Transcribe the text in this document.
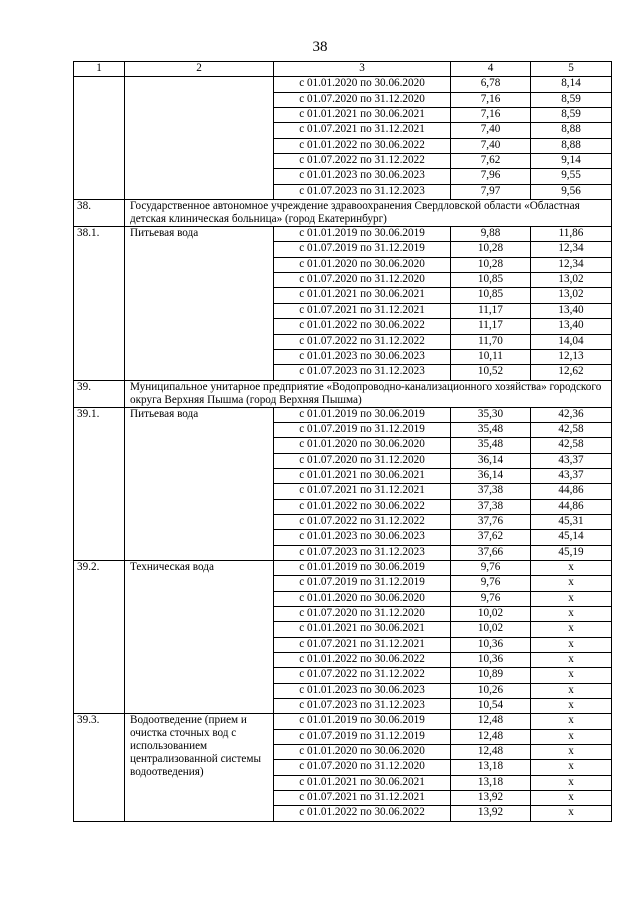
38
1	2	3	4	5
		с 01.01.2020 по 30.06.2020	6,78	8,14
		с 01.07.2020 по 31.12.2020	7,16	8,59
		с 01.01.2021 по 30.06.2021	7,16	8,59
		с 01.07.2021 по 31.12.2021	7,40	8,88
		с 01.01.2022 по 30.06.2022	7,40	8,88
		с 01.07.2022 по 31.12.2022	7,62	9,14
		с 01.01.2023 по 30.06.2023	7,96	9,55
		с 01.07.2023 по 31.12.2023	7,97	9,56
38.	Государственное автономное учреждение здравоохранения Свердловской области «Областная детская клиническая больница» (город Екатеринбург)			
38.1.	Питьевая вода	с 01.01.2019 по 30.06.2019	9,88	11,86
		с 01.07.2019 по 31.12.2019	10,28	12,34
		с 01.01.2020 по 30.06.2020	10,28	12,34
		с 01.07.2020 по 31.12.2020	10,85	13,02
		с 01.01.2021 по 30.06.2021	10,85	13,02
		с 01.07.2021 по 31.12.2021	11,17	13,40
		с 01.01.2022 по 30.06.2022	11,17	13,40
		с 01.07.2022 по 31.12.2022	11,70	14,04
		с 01.01.2023 по 30.06.2023	10,11	12,13
		с 01.07.2023 по 31.12.2023	10,52	12,62
39.	Муниципальное унитарное предприятие «Водопроводно-канализационного хозяйства» городского округа Верхняя Пышма (город Верхняя Пышма)			
39.1.	Питьевая вода	с 01.01.2019 по 30.06.2019	35,30	42,36
		с 01.07.2019 по 31.12.2019	35,48	42,58
		с 01.01.2020 по 30.06.2020	35,48	42,58
		с 01.07.2020 по 31.12.2020	36,14	43,37
		с 01.01.2021 по 30.06.2021	36,14	43,37
		с 01.07.2021 по 31.12.2021	37,38	44,86
		с 01.01.2022 по 30.06.2022	37,38	44,86
		с 01.07.2022 по 31.12.2022	37,76	45,31
		с 01.01.2023 по 30.06.2023	37,62	45,14
		с 01.07.2023 по 31.12.2023	37,66	45,19
39.2.	Техническая вода	с 01.01.2019 по 30.06.2019	9,76	x
		с 01.07.2019 по 31.12.2019	9,76	x
		с 01.01.2020 по 30.06.2020	9,76	x
		с 01.07.2020 по 31.12.2020	10,02	x
		с 01.01.2021 по 30.06.2021	10,02	x
		с 01.07.2021 по 31.12.2021	10,36	x
		с 01.01.2022 по 30.06.2022	10,36	x
		с 01.07.2022 по 31.12.2022	10,89	x
		с 01.01.2023 по 30.06.2023	10,26	x
		с 01.07.2023 по 31.12.2023	10,54	x
39.3.	Водоотведение (прием и очистка сточных вод с использованием централизованной системы водоотведения)	с 01.01.2019 по 30.06.2019	12,48	x
		с 01.07.2019 по 31.12.2019	12,48	x
		с 01.01.2020 по 30.06.2020	12,48	x
		с 01.07.2020 по 31.12.2020	13,18	x
		с 01.01.2021 по 30.06.2021	13,18	x
		с 01.07.2021 по 31.12.2021	13,92	x
		с 01.01.2022 по 30.06.2022	13,92	x
